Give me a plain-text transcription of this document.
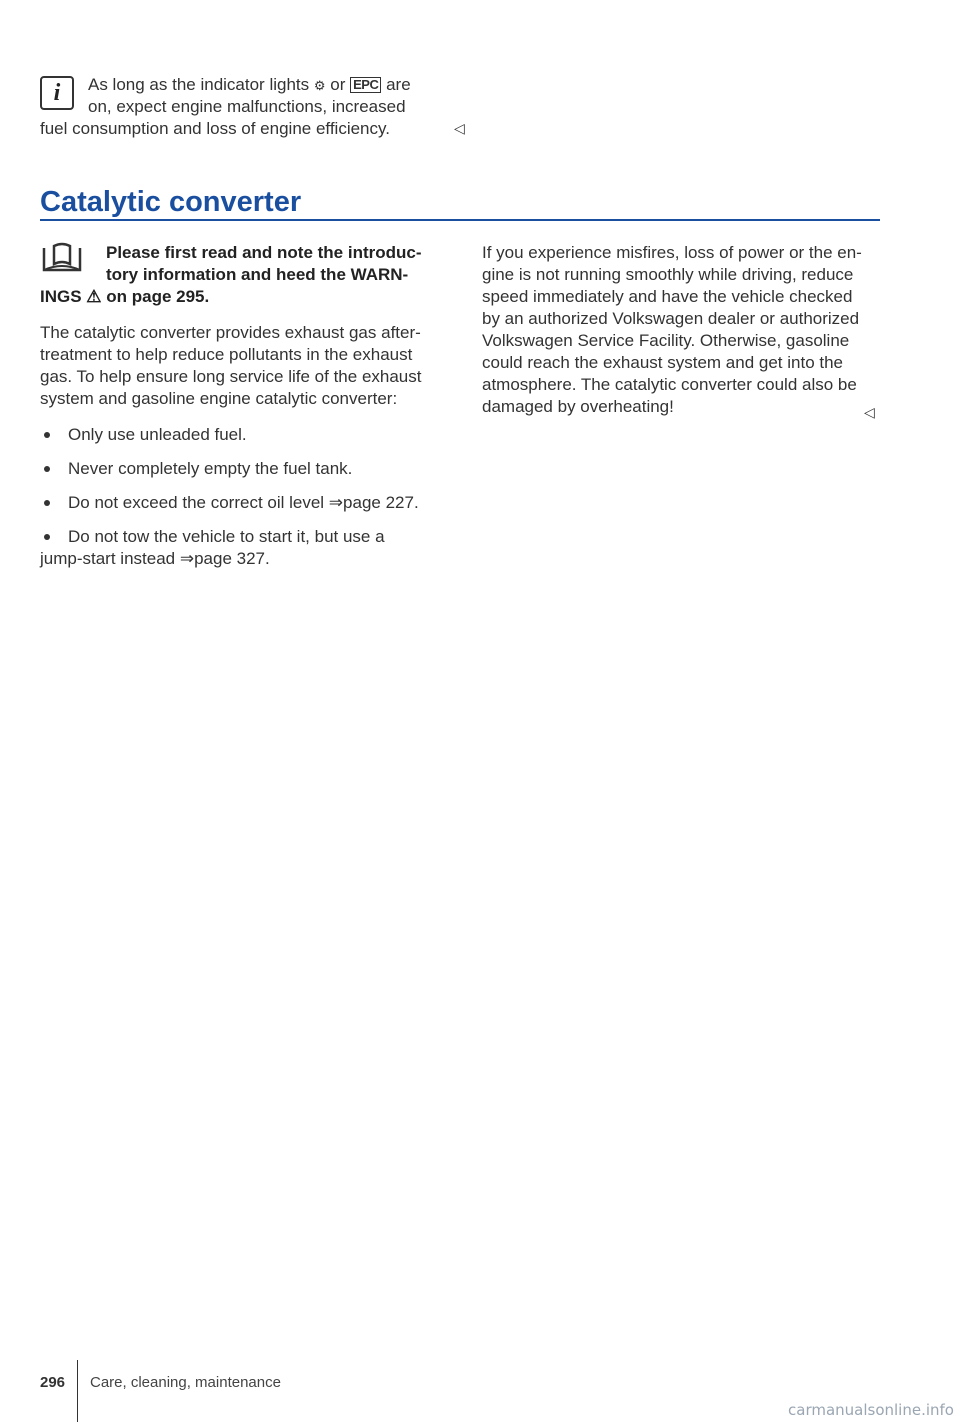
i As long as the indicator lights ⚙ or EPC are
on, expect engine malfunctions, increased
fuel consumption and loss of engine efficiency.	◁
Catalytic converter
Please first read and note the introduc-
tory information and heed the WARN-
INGS ⚠ on page 295.
The catalytic converter provides exhaust gas after-
treatment to help reduce pollutants in the exhaust
gas. To help ensure long service life of the exhaust
system and gasoline engine catalytic converter:
Only use unleaded fuel.
Never completely empty the fuel tank.
Do not exceed the correct oil level ⇒page 227.
Do not tow the vehicle to start it, but use a
jump-start instead ⇒page 327.
If you experience misfires, loss of power or the en-
gine is not running smoothly while driving, reduce
speed immediately and have the vehicle checked
by an authorized Volkswagen dealer or authorized
Volkswagen Service Facility. Otherwise, gasoline
could reach the exhaust system and get into the
atmosphere. The catalytic converter could also be
damaged by overheating!	◁
296 Care, cleaning, maintenance
carmanualsonline.info
